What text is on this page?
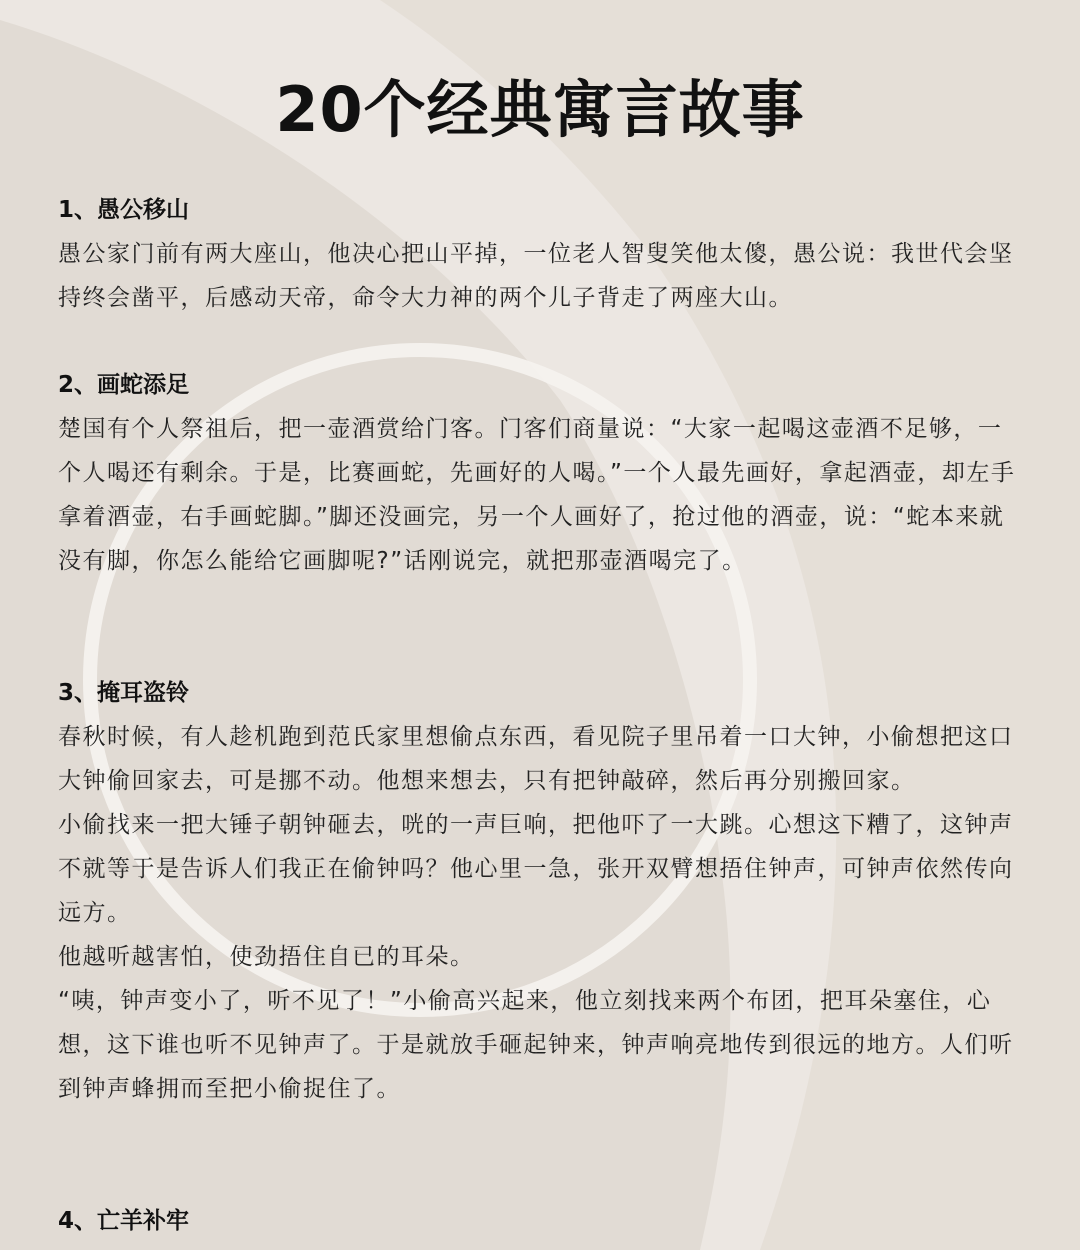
20个经典寓言故事

1、愚公移山

愚公家门前有两大座山，他决心把山平掉，一位老人智叟笑他太傻，愚公说：我世代会坚持终会凿平，后感动天帝，命令大力神的两个儿子背走了两座大山。

2、画蛇添足

楚国有个人祭祖后，把一壶酒赏给门客。门客们商量说：“大家一起喝这壶酒不足够，一个人喝还有剩余。于是，比赛画蛇，先画好的人喝。”一个人最先画好，拿起酒壶，却左手拿着酒壶，右手画蛇脚。”脚还没画完，另一个人画好了，抢过他的酒壶，说：“蛇本来就没有脚，你怎么能给它画脚呢?”话刚说完，就把那壶酒喝完了。

3、掩耳盗铃

春秋时候，有人趁机跑到范氏家里想偷点东西，看见院子里吊着一口大钟，小偷想把这口大钟偷回家去，可是挪不动。他想来想去，只有把钟敲碎，然后再分别搬回家。

小偷找来一把大锤子朝钟砸去，咣的一声巨响，把他吓了一大跳。心想这下糟了，这钟声不就等于是告诉人们我正在偷钟吗？他心里一急，张开双臂想捂住钟声，可钟声依然传向远方。

他越听越害怕，使劲捂住自已的耳朵。

“咦，钟声变小了，听不见了！”小偷高兴起来，他立刻找来两个布团，把耳朵塞住，心想，这下谁也听不见钟声了。于是就放手砸起钟来，钟声响亮地传到很远的地方。人们听到钟声蜂拥而至把小偷捉住了。

4、亡羊补牢
